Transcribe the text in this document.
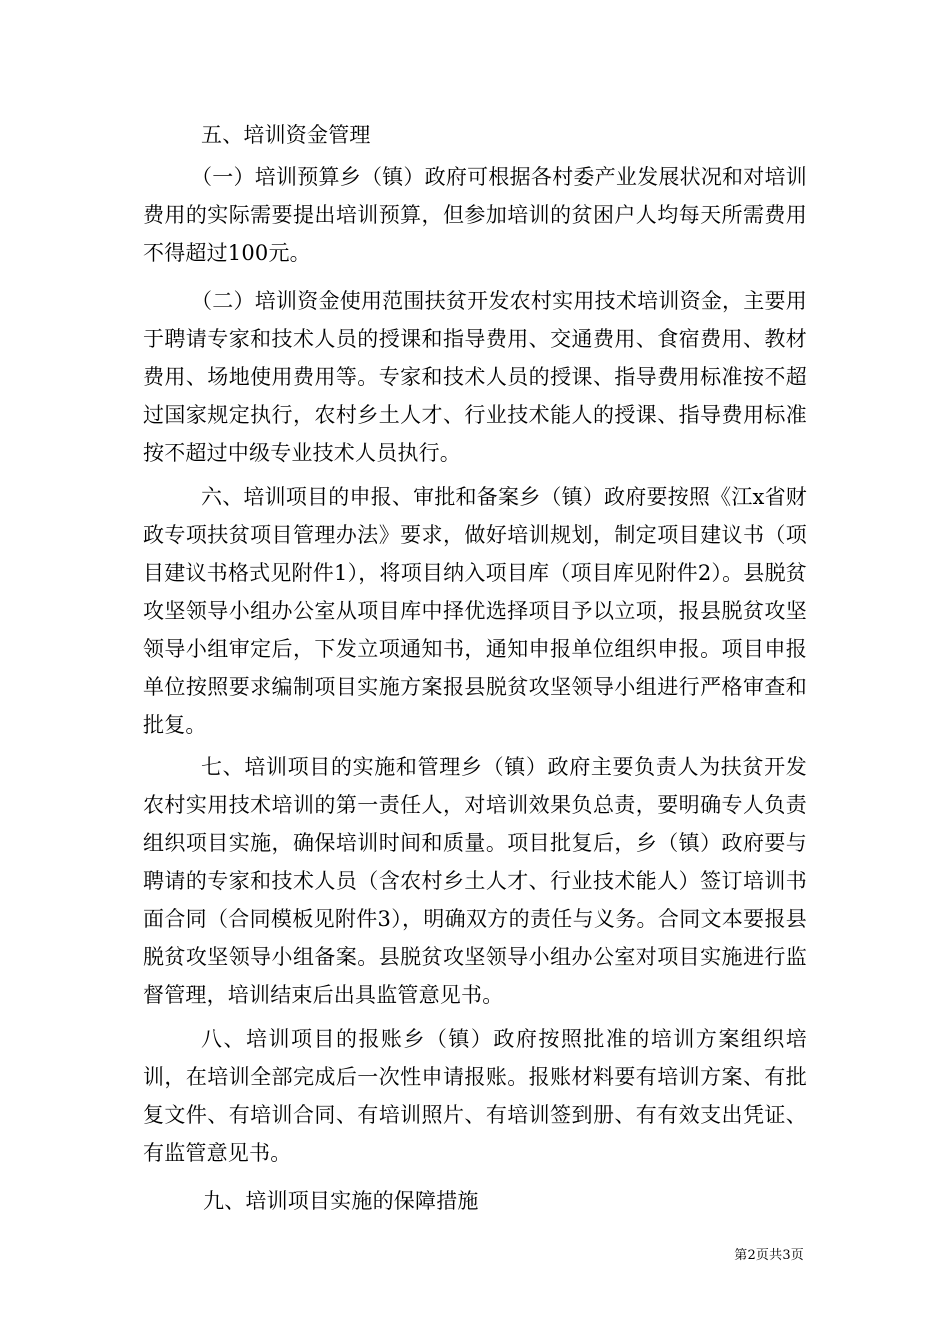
五、培训资金管理

（一）培训预算乡（镇）政府可根据各村委产业发展状况和对培训费用的实际需要提出培训预算，但参加培训的贫困户人均每天所需费用不得超过100元。

（二）培训资金使用范围扶贫开发农村实用技术培训资金，主要用于聘请专家和技术人员的授课和指导费用、交通费用、食宿费用、教材费用、场地使用费用等。专家和技术人员的授课、指导费用标准按不超过国家规定执行，农村乡土人才、行业技术能人的授课、指导费用标准按不超过中级专业技术人员执行。

六、培训项目的申报、审批和备案乡（镇）政府要按照《江x省财政专项扶贫项目管理办法》要求，做好培训规划，制定项目建议书（项目建议书格式见附件1），将项目纳入项目库（项目库见附件2）。县脱贫攻坚领导小组办公室从项目库中择优选择项目予以立项，报县脱贫攻坚领导小组审定后，下发立项通知书，通知申报单位组织申报。项目申报单位按照要求编制项目实施方案报县脱贫攻坚领导小组进行严格审查和批复。

七、培训项目的实施和管理乡（镇）政府主要负责人为扶贫开发农村实用技术培训的第一责任人，对培训效果负总责，要明确专人负责组织项目实施，确保培训时间和质量。项目批复后，乡（镇）政府要与聘请的专家和技术人员（含农村乡土人才、行业技术能人）签订培训书面合同（合同模板见附件3），明确双方的责任与义务。合同文本要报县脱贫攻坚领导小组备案。县脱贫攻坚领导小组办公室对项目实施进行监督管理，培训结束后出具监管意见书。

八、培训项目的报账乡（镇）政府按照批准的培训方案组织培训，在培训全部完成后一次性申请报账。报账材料要有培训方案、有批复文件、有培训合同、有培训照片、有培训签到册、有有效支出凭证、有监管意见书。

九、培训项目实施的保障措施

第2页共3页
